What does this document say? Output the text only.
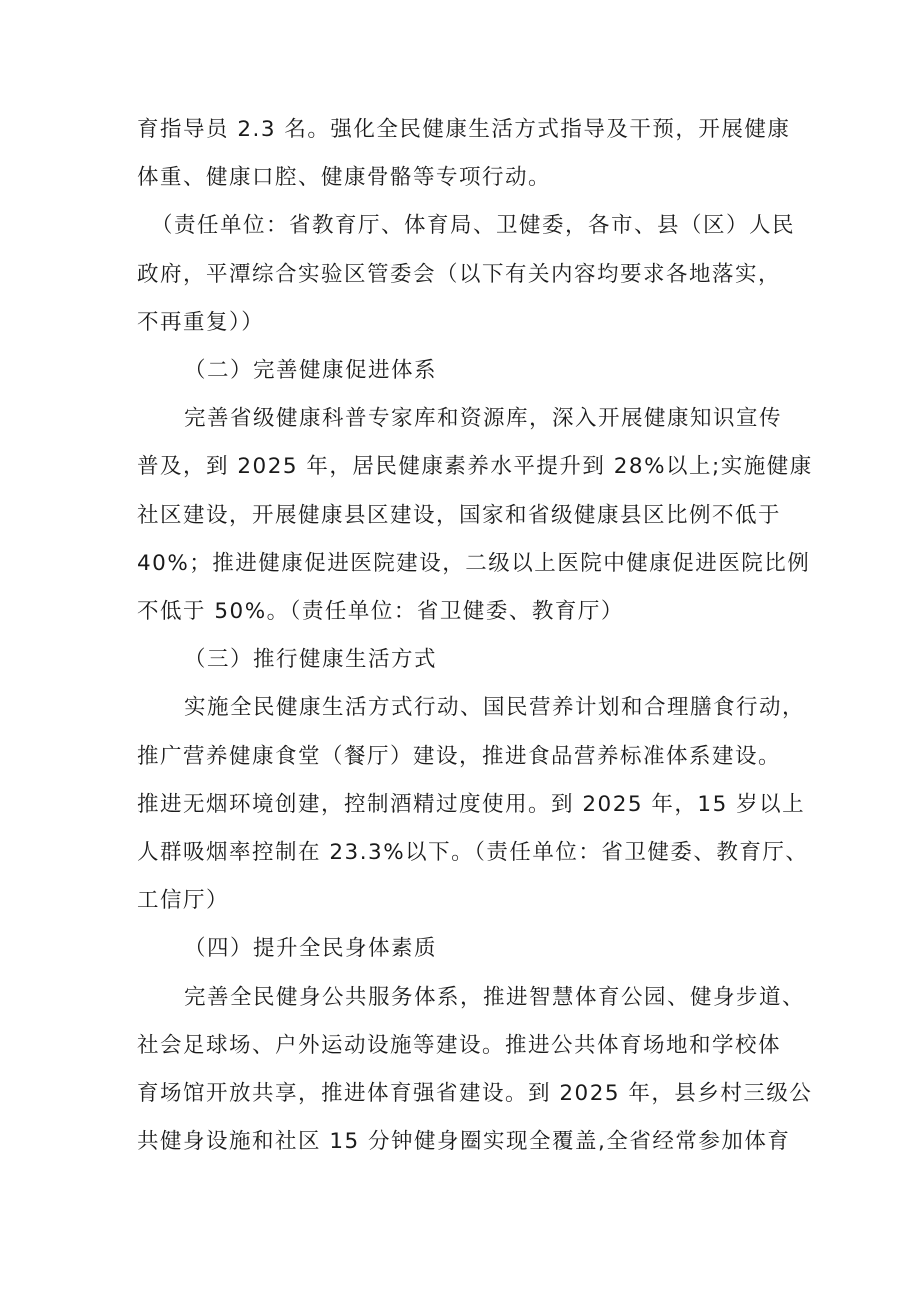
育指导员 2.3 名。强化全民健康生活方式指导及干预，开展健康
体重、健康口腔、健康骨骼等专项行动。
（责任单位：省教育厅、体育局、卫健委，各市、县（区）人民
政府，平潭综合实验区管委会（以下有关内容均要求各地落实，
不再重复））
（二）完善健康促进体系
完善省级健康科普专家库和资源库，深入开展健康知识宣传
普及，到 2025 年，居民健康素养水平提升到 28%以上;实施健康
社区建设，开展健康县区建设，国家和省级健康县区比例不低于
40%；推进健康促进医院建设，二级以上医院中健康促进医院比例
不低于 50%。（责任单位：省卫健委、教育厅）
（三）推行健康生活方式
实施全民健康生活方式行动、国民营养计划和合理膳食行动，
推广营养健康食堂（餐厅）建设，推进食品营养标准体系建设。
推进无烟环境创建，控制酒精过度使用。到 2025 年，15 岁以上
人群吸烟率控制在 23.3%以下。（责任单位：省卫健委、教育厅、
工信厅）
（四）提升全民身体素质
完善全民健身公共服务体系，推进智慧体育公园、健身步道、
社会足球场、户外运动设施等建设。推进公共体育场地和学校体
育场馆开放共享，推进体育强省建设。到 2025 年，县乡村三级公
共健身设施和社区 15 分钟健身圈实现全覆盖,全省经常参加体育
